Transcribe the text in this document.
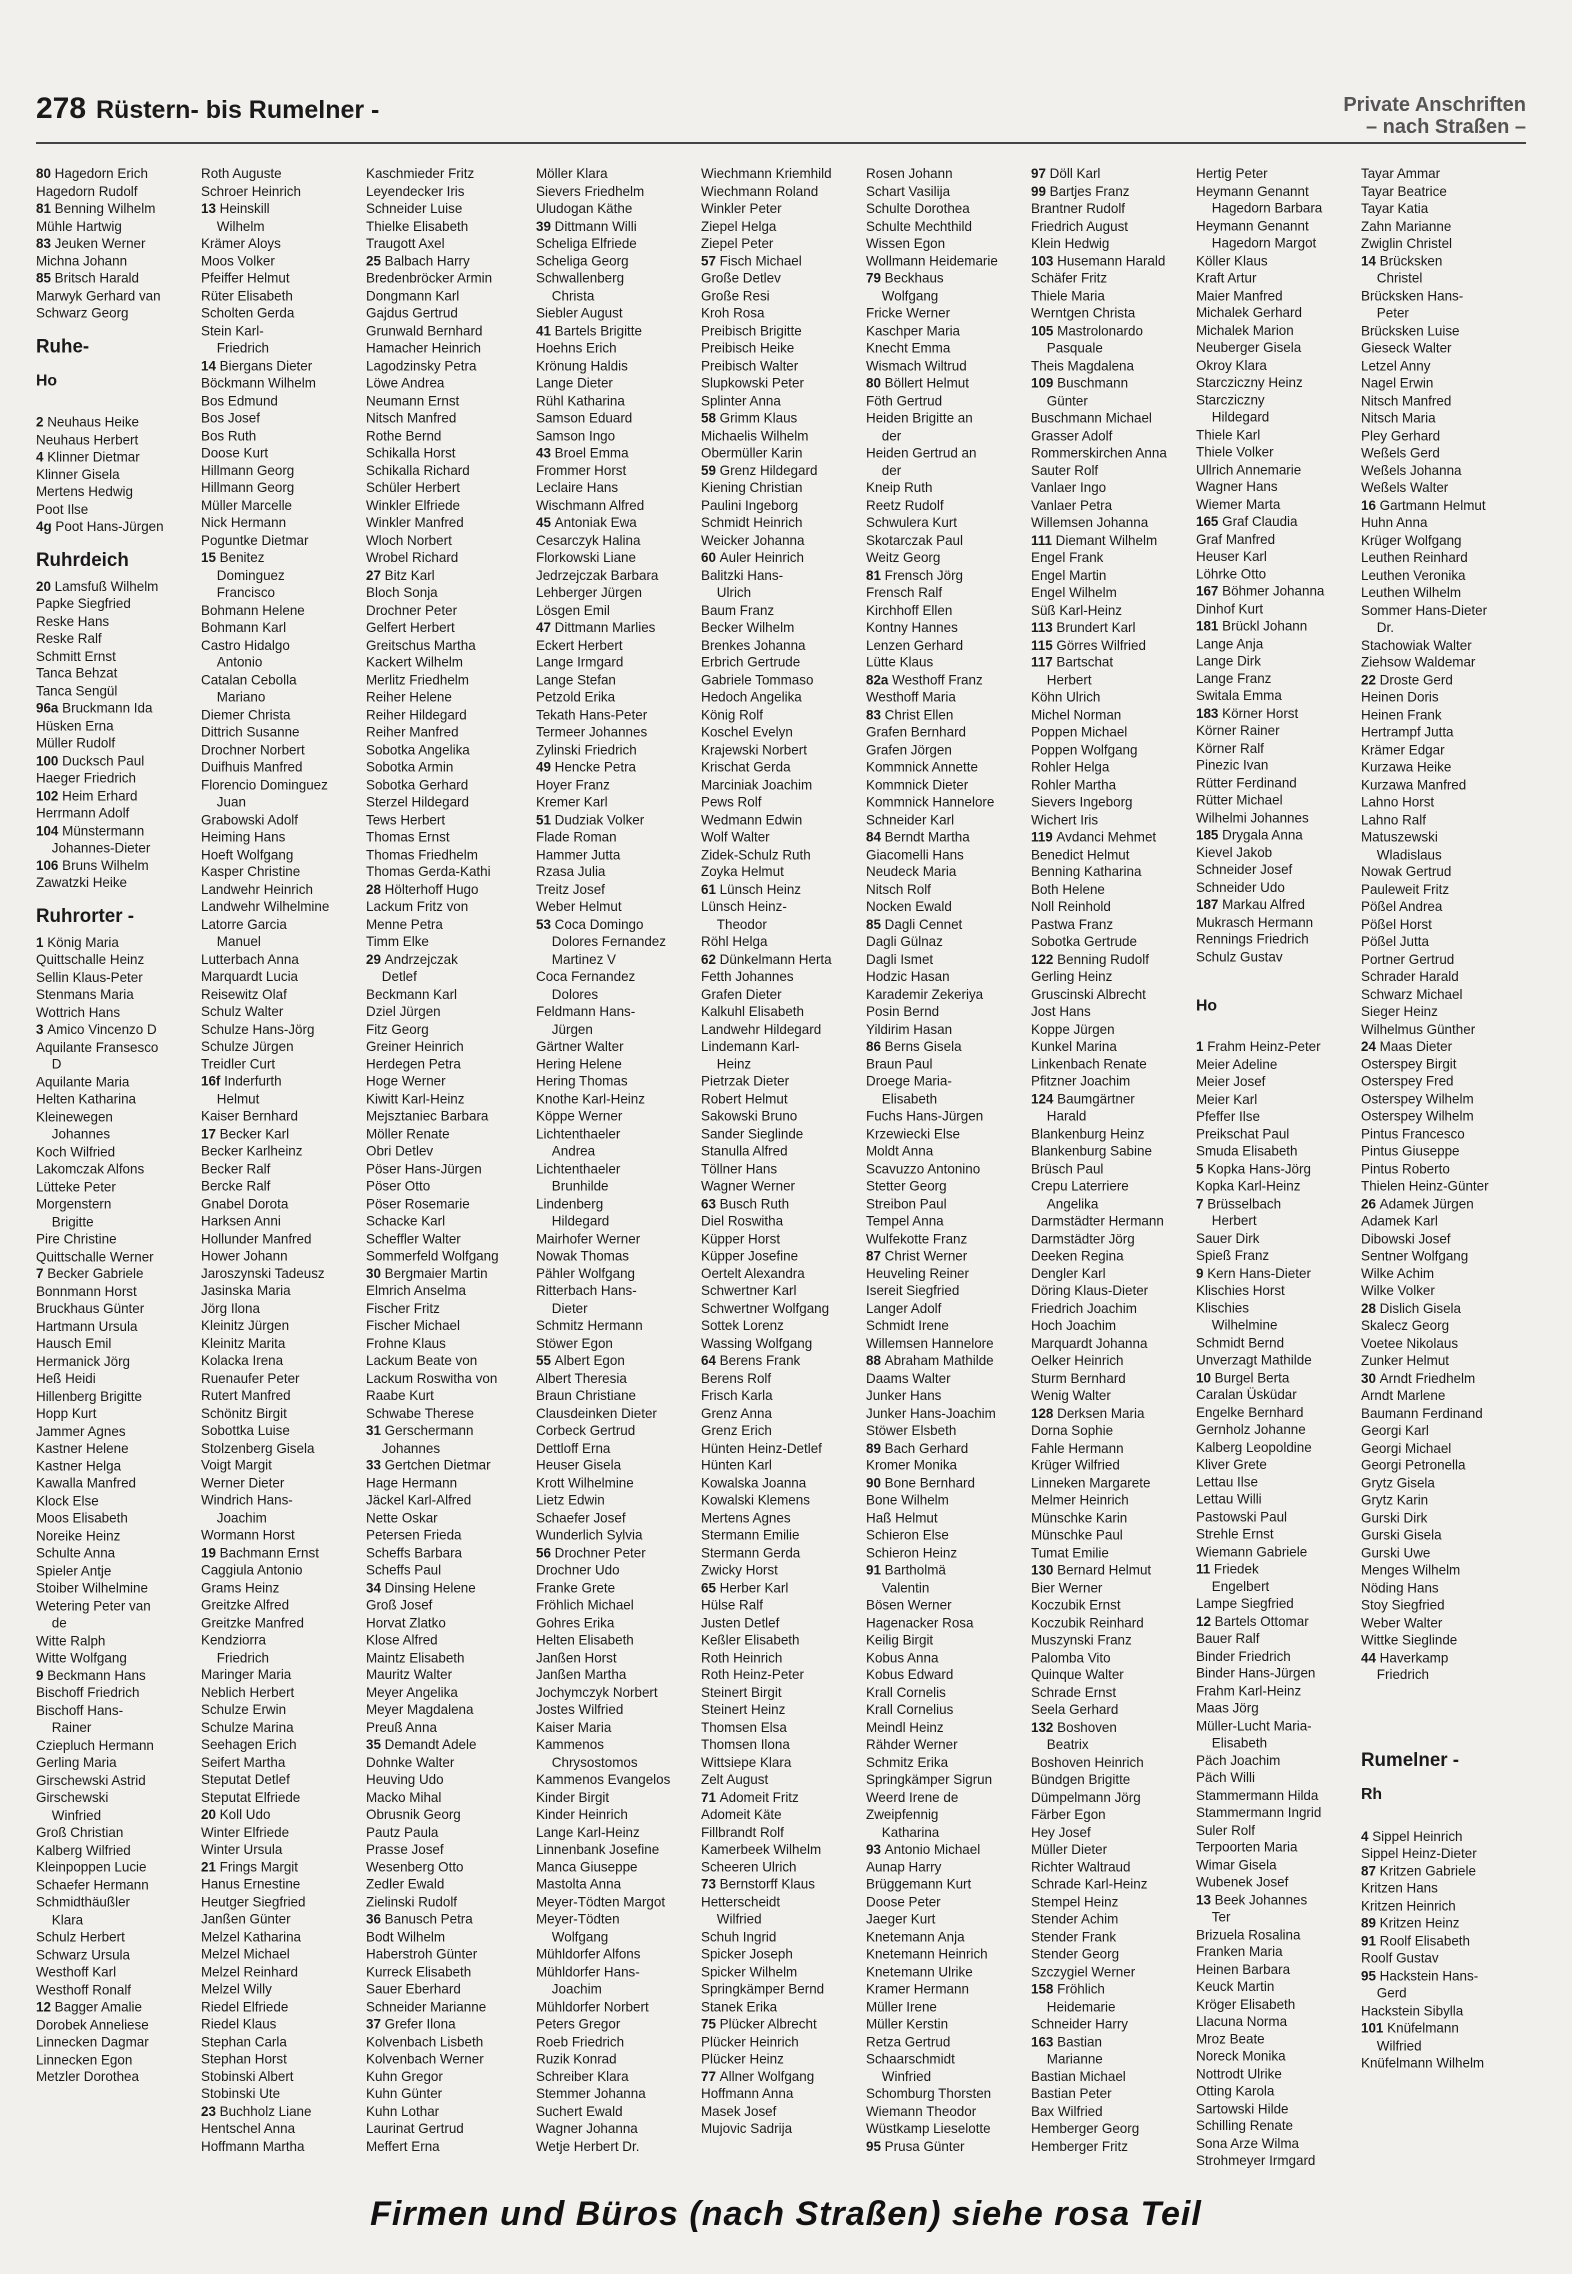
278 Rüstern- bis Rumelner -	Private Anschriften
– nach Straßen –
80 Hagedorn Erich
Hagedorn Rudolf
81 Benning Wilhelm
Mühle Hartwig
83 Jeuken Werner
Michna Johann
85 Britsch Harald
Marwyk Gerhard van
Schwarz Georg
Ruhe-
Ho
2 Neuhaus Heike
Neuhaus Herbert
4 Klinner Dietmar
Klinner Gisela
Mertens Hedwig
Poot Ilse
4g Poot Hans-Jürgen
Ruhrdeich
20 Lamsfuß Wilhelm
Papke Siegfried
Reske Hans
Reske Ralf
Schmitt Ernst
Tanca Behzat
Tanca Sengül
96a Bruckmann Ida
Hüsken Erna
Müller Rudolf
100 Ducksch Paul
Haeger Friedrich
102 Heim Erhard
Herrmann Adolf
104 Münstermann
Johannes-Dieter
106 Bruns Wilhelm
Zawatzki Heike
Ruhrorter -
1 König Maria
Quittschalle Heinz
Sellin Klaus-Peter
Stenmans Maria
Wottrich Hans
3 Amico Vincenzo D
Aquilante Fransesco
D
Aquilante Maria
Helten Katharina
Kleinewegen
Johannes
Koch Wilfried
Lakomczak Alfons
Lütteke Peter
Morgenstern
Brigitte
Pire Christine
Quittschalle Werner
7 Becker Gabriele
Bonnmann Horst
Bruckhaus Günter
Hartmann Ursula
Hausch Emil
Hermanick Jörg
Heß Heidi
Hillenberg Brigitte
Hopp Kurt
Jammer Agnes
Kastner Helene
Kastner Helga
Kawalla Manfred
Klock Else
Moos Elisabeth
Noreike Heinz
Schulte Anna
Spieler Antje
Stoiber Wilhelmine
Wetering Peter van
de
Witte Ralph
Witte Wolfgang
9 Beckmann Hans
Bischoff Friedrich
Bischoff Hans-
Rainer
Cziepluch Hermann
Gerling Maria
Girschewski Astrid
Girschewski
Winfried
Groß Christian
Kalberg Wilfried
Kleinpoppen Lucie
Schaefer Hermann
Schmidthäußler
Klara
Schulz Herbert
Schwarz Ursula
Westhoff Karl
Westhoff Ronalf
12 Bagger Amalie
Dorobek Anneliese
Linnecken Dagmar
Linnecken Egon
Metzler Dorothea
Roth Auguste
Schroer Heinrich
13 Heinskill
Wilhelm
Krämer Aloys
Moos Volker
Pfeiffer Helmut
Rüter Elisabeth
Scholten Gerda
Stein Karl-
Friedrich
14 Biergans Dieter
Böckmann Wilhelm
Bos Edmund
Bos Josef
Bos Ruth
Doose Kurt
Hillmann Georg
Hillmann Georg
Müller Marcelle
Nick Hermann
Poguntke Dietmar
15 Benitez
Dominguez
Francisco
Bohmann Helene
Bohmann Karl
Castro Hidalgo
Antonio
Catalan Cebolla
Mariano
Diemer Christa
Dittrich Susanne
Drochner Norbert
Duifhuis Manfred
Florencio Dominguez
Juan
Grabowski Adolf
Heiming Hans
Hoeft Wolfgang
Kasper Christine
Landwehr Heinrich
Landwehr Wilhelmine
Latorre Garcia
Manuel
Lutterbach Anna
Marquardt Lucia
Reisewitz Olaf
Schulz Walter
Schulze Hans-Jörg
Schulze Jürgen
Treidler Curt
16f Inderfurth
Helmut
Kaiser Bernhard
17 Becker Karl
Becker Karlheinz
Becker Ralf
Bercke Ralf
Gnabel Dorota
Harksen Anni
Hollunder Manfred
Hower Johann
Jaroszynski Tadeusz
Jasinska Maria
Jörg Ilona
Kleinitz Jürgen
Kleinitz Marita
Kolacka Irena
Ruenaufer Peter
Rutert Manfred
Schönitz Birgit
Sobottka Luise
Stolzenberg Gisela
Voigt Margit
Werner Dieter
Windrich Hans-
Joachim
Wormann Horst
19 Bachmann Ernst
Caggiula Antonio
Grams Heinz
Greitzke Alfred
Greitzke Manfred
Kendziorra
Friedrich
Maringer Maria
Neblich Herbert
Schulze Erwin
Schulze Marina
Seehagen Erich
Seifert Martha
Steputat Detlef
Steputat Elfriede
20 Koll Udo
Winter Elfriede
Winter Ursula
21 Frings Margit
Hanus Ernestine
Heutger Siegfried
Janßen Günter
Melzel Katharina
Melzel Michael
Melzel Reinhard
Melzel Willy
Riedel Elfriede
Riedel Klaus
Stephan Carla
Stephan Horst
Stobinski Albert
Stobinski Ute
23 Buchholz Liane
Hentschel Anna
Hoffmann Martha
Kaschmieder Fritz
Leyendecker Iris
Schneider Luise
Thielke Elisabeth
Traugott Axel
25 Balbach Harry
Bredenbröcker Armin
Dongmann Karl
Gajdus Gertrud
Grunwald Bernhard
Hamacher Heinrich
Lagodzinsky Petra
Löwe Andrea
Neumann Ernst
Nitsch Manfred
Rothe Bernd
Schikalla Horst
Schikalla Richard
Schüler Herbert
Winkler Elfriede
Winkler Manfred
Wloch Norbert
Wrobel Richard
27 Bitz Karl
Bloch Sonja
Drochner Peter
Gelfert Herbert
Greitschus Martha
Kackert Wilhelm
Merlitz Friedhelm
Reiher Helene
Reiher Hildegard
Reiher Manfred
Sobotka Angelika
Sobotka Armin
Sobotka Gerhard
Sterzel Hildegard
Tews Herbert
Thomas Ernst
Thomas Friedhelm
Thomas Gerda-Kathi
28 Hölterhoff Hugo
Lackum Fritz von
Menne Petra
Timm Elke
29 Andrzejczak
Detlef
Beckmann Karl
Dziel Jürgen
Fitz Georg
Greiner Heinrich
Herdegen Petra
Hoge Werner
Kiwitt Karl-Heinz
Mejsztaniec Barbara
Möller Renate
Obri Detlev
Pöser Hans-Jürgen
Pöser Otto
Pöser Rosemarie
Schacke Karl
Scheffler Walter
Sommerfeld Wolfgang
30 Bergmaier Martin
Elmrich Anselma
Fischer Fritz
Fischer Michael
Frohne Klaus
Lackum Beate von
Lackum Roswitha von
Raabe Kurt
Schwabe Therese
31 Gerschermann
Johannes
33 Gertchen Dietmar
Hage Hermann
Jäckel Karl-Alfred
Nette Oskar
Petersen Frieda
Scheffs Barbara
Scheffs Paul
34 Dinsing Helene
Groß Josef
Horvat Zlatko
Klose Alfred
Maintz Elisabeth
Mauritz Walter
Meyer Angelika
Meyer Magdalena
Preuß Anna
35 Demandt Adele
Dohnke Walter
Heuving Udo
Macko Mihal
Obrusnik Georg
Pautz Paula
Prasse Josef
Wesenberg Otto
Zedler Ewald
Zielinski Rudolf
36 Banusch Petra
Bodt Wilhelm
Haberstroh Günter
Kurreck Elisabeth
Sauer Eberhard
Schneider Marianne
37 Grefer Ilona
Kolvenbach Lisbeth
Kolvenbach Werner
Kuhn Gregor
Kuhn Günter
Kuhn Lothar
Laurinat Gertrud
Meffert Erna
Möller Klara
Sievers Friedhelm
Uludogan Käthe
39 Dittmann Willi
Scheliga Elfriede
Scheliga Georg
Schwallenberg
Christa
Siebler August
41 Bartels Brigitte
Hoehns Erich
Krönung Haldis
Lange Dieter
Rühl Katharina
Samson Eduard
Samson Ingo
43 Broel Emma
Frommer Horst
Leclaire Hans
Wischmann Alfred
45 Antoniak Ewa
Cesarczyk Halina
Florkowski Liane
Jedrzejczak Barbara
Lehberger Jürgen
Lösgen Emil
47 Dittmann Marlies
Eckert Herbert
Lange Irmgard
Lange Stefan
Petzold Erika
Tekath Hans-Peter
Termeer Johannes
Zylinski Friedrich
49 Hencke Petra
Hoyer Franz
Kremer Karl
51 Dudziak Volker
Flade Roman
Hammer Jutta
Rzasa Julia
Treitz Josef
Weber Helmut
53 Coca Domingo
Dolores Fernandez
Martinez V
Coca Fernandez
Dolores
Feldmann Hans-
Jürgen
Gärtner Walter
Hering Helene
Hering Thomas
Knothe Karl-Heinz
Köppe Werner
Lichtenthaeler
Andrea
Lichtenthaeler
Brunhilde
Lindenberg
Hildegard
Mairhofer Werner
Nowak Thomas
Pähler Wolfgang
Ritterbach Hans-
Dieter
Schmitz Hermann
Stöwer Egon
55 Albert Egon
Albert Theresia
Braun Christiane
Clausdeinken Dieter
Corbeck Gertrud
Dettloff Erna
Heuser Gisela
Krott Wilhelmine
Lietz Edwin
Schaefer Josef
Wunderlich Sylvia
56 Drochner Peter
Drochner Udo
Franke Grete
Fröhlich Michael
Gohres Erika
Helten Elisabeth
Janßen Horst
Janßen Martha
Jochymczyk Norbert
Jostes Wilfried
Kaiser Maria
Kammenos
Chrysostomos
Kammenos Evangelos
Kinder Birgit
Kinder Heinrich
Lange Karl-Heinz
Linnenbank Josefine
Manca Giuseppe
Mastolta Anna
Meyer-Tödten Margot
Meyer-Tödten
Wolfgang
Mühldorfer Alfons
Mühldorfer Hans-
Joachim
Mühldorfer Norbert
Peters Gregor
Roeb Friedrich
Ruzik Konrad
Schreiber Klara
Stemmer Johanna
Suchert Ewald
Wagner Johanna
Wetje Herbert Dr.
Wiechmann Kriemhild
Wiechmann Roland
Winkler Peter
Ziepel Helga
Ziepel Peter
57 Fisch Michael
Große Detlev
Große Resi
Kroh Rosa
Preibisch Brigitte
Preibisch Heike
Preibisch Walter
Slupkowski Peter
Splinter Anna
58 Grimm Klaus
Michaelis Wilhelm
Obermüller Karin
59 Grenz Hildegard
Kiening Christian
Paulini Ingeborg
Schmidt Heinrich
Weicker Johanna
60 Auler Heinrich
Balitzki Hans-
Ulrich
Baum Franz
Becker Wilhelm
Brenkes Johanna
Erbrich Gertrude
Gabriele Tommaso
Hedoch Angelika
König Rolf
Koschel Evelyn
Krajewski Norbert
Krischat Gerda
Marciniak Joachim
Pews Rolf
Wedmann Edwin
Wolf Walter
Zidek-Schulz Ruth
Zoyka Helmut
61 Lünsch Heinz
Lünsch Heinz-
Theodor
Röhl Helga
62 Dünkelmann Herta
Fetth Johannes
Grafen Dieter
Kalkuhl Elisabeth
Landwehr Hildegard
Lindemann Karl-
Heinz
Pietrzak Dieter
Robert Helmut
Sakowski Bruno
Sander Sieglinde
Stanulla Alfred
Töllner Hans
Wagner Werner
63 Busch Ruth
Diel Roswitha
Küpper Horst
Küpper Josefine
Oertelt Alexandra
Schwertner Karl
Schwertner Wolfgang
Sottek Lorenz
Wassing Wolfgang
64 Berens Frank
Berens Rolf
Frisch Karla
Grenz Anna
Grenz Erich
Hünten Heinz-Detlef
Hünten Karl
Kowalska Joanna
Kowalski Klemens
Mertens Agnes
Stermann Emilie
Stermann Gerda
Zwicky Horst
65 Herber Karl
Hülse Ralf
Justen Detlef
Keßler Elisabeth
Roth Heinrich
Roth Heinz-Peter
Steinert Birgit
Steinert Heinz
Thomsen Elsa
Thomsen Ilona
Wittsiepe Klara
Zelt August
71 Adomeit Fritz
Adomeit Käte
Fillbrandt Rolf
Kamerbeek Wilhelm
Scheeren Ulrich
73 Bernstorff Klaus
Hetterscheidt
Wilfried
Schuh Ingrid
Spicker Joseph
Spicker Wilhelm
Springkämper Bernd
Stanek Erika
75 Plücker Albrecht
Plücker Heinrich
Plücker Heinz
77 Allner Wolfgang
Hoffmann Anna
Masek Josef
Mujovic Sadrija
Rosen Johann
Schart Vasilija
Schulte Dorothea
Schulte Mechthild
Wissen Egon
Wollmann Heidemarie
79 Beckhaus
Wolfgang
Fricke Werner
Kaschper Maria
Knecht Emma
Wismach Wiltrud
80 Böllert Helmut
Föth Gertrud
Heiden Brigitte an
der
Heiden Gertrud an
der
Kneip Ruth
Reetz Rudolf
Schwulera Kurt
Skotarczak Paul
Weitz Georg
81 Frensch Jörg
Frensch Ralf
Kirchhoff Ellen
Kontny Hannes
Lenzen Gerhard
Lütte Klaus
82a Westhoff Franz
Westhoff Maria
83 Christ Ellen
Grafen Bernhard
Grafen Jörgen
Kommnick Annette
Kommnick Dieter
Kommnick Hannelore
Schneider Karl
84 Berndt Martha
Giacomelli Hans
Neudeck Maria
Nitsch Rolf
Nocken Ewald
85 Dagli Cennet
Dagli Gülnaz
Dagli Ismet
Hodzic Hasan
Karademir Zekeriya
Posin Bernd
Yildirim Hasan
86 Berns Gisela
Braun Paul
Droege Maria-
Elisabeth
Fuchs Hans-Jürgen
Krzewiecki Else
Moldt Anna
Scavuzzo Antonino
Stetter Georg
Streibon Paul
Tempel Anna
Wulfekotte Franz
87 Christ Werner
Heuveling Reiner
Isereit Siegfried
Langer Adolf
Schmidt Irene
Willemsen Hannelore
88 Abraham Mathilde
Daams Walter
Junker Hans
Junker Hans-Joachim
Stöwer Elsbeth
89 Bach Gerhard
Kromer Monika
90 Bone Bernhard
Bone Wilhelm
Haß Helmut
Schieron Else
Schieron Heinz
91 Bartholmä
Valentin
Bösen Werner
Hagenacker Rosa
Keilig Birgit
Kobus Anna
Kobus Edward
Krall Cornelis
Krall Cornelius
Meindl Heinz
Rähder Werner
Schmitz Erika
Springkämper Sigrun
Weerd Irene de
Zweipfennig
Katharina
93 Antonio Michael
Aunap Harry
Brüggemann Kurt
Doose Peter
Jaeger Kurt
Knetemann Anja
Knetemann Heinrich
Knetemann Ulrike
Kramer Hermann
Müller Irene
Müller Kerstin
Retza Gertrud
Schaarschmidt
Winfried
Schomburg Thorsten
Wiemann Theodor
Wüstkamp Lieselotte
95 Prusa Günter
97 Döll Karl
99 Bartjes Franz
Brantner Rudolf
Friedrich August
Klein Hedwig
103 Husemann Harald
Schäfer Fritz
Thiele Maria
Werntgen Christa
105 Mastrolonardo
Pasquale
Theis Magdalena
109 Buschmann
Günter
Buschmann Michael
Grasser Adolf
Rommerskirchen Anna
Sauter Rolf
Vanlaer Ingo
Vanlaer Petra
Willemsen Johanna
111 Diemant Wilhelm
Engel Frank
Engel Martin
Engel Wilhelm
Süß Karl-Heinz
113 Brundert Karl
115 Görres Wilfried
117 Bartschat
Herbert
Köhn Ulrich
Michel Norman
Poppen Michael
Poppen Wolfgang
Rohler Helga
Rohler Martha
Sievers Ingeborg
Wichert Iris
119 Avdanci Mehmet
Benedict Helmut
Benning Katharina
Both Helene
Noll Reinhold
Pastwa Franz
Sobotka Gertrude
122 Benning Rudolf
Gerling Heinz
Gruscinski Albrecht
Jost Hans
Koppe Jürgen
Kunkel Marina
Linkenbach Renate
Pfitzner Joachim
124 Baumgärtner
Harald
Blankenburg Heinz
Blankenburg Sabine
Brüsch Paul
Crepu Laterriere
Angelika
Darmstädter Hermann
Darmstädter Jörg
Deeken Regina
Dengler Karl
Döring Klaus-Dieter
Friedrich Joachim
Hoch Joachim
Marquardt Johanna
Oelker Heinrich
Sturm Bernhard
Wenig Walter
128 Derksen Maria
Dorna Sophie
Fahle Hermann
Krüger Wilfried
Linneken Margarete
Melmer Heinrich
Münschke Karin
Münschke Paul
Tumat Emilie
130 Bernard Helmut
Bier Werner
Koczubik Ernst
Koczubik Reinhard
Muszynski Franz
Palomba Vito
Quinque Walter
Schrade Ernst
Seela Gerhard
132 Boshoven
Beatrix
Boshoven Heinrich
Bündgen Brigitte
Dümpelmann Jörg
Färber Egon
Hey Josef
Müller Dieter
Richter Waltraud
Schrade Karl-Heinz
Stempel Heinz
Stender Achim
Stender Frank
Stender Georg
Szczygiel Werner
158 Fröhlich
Heidemarie
Schneider Harry
163 Bastian
Marianne
Bastian Michael
Bastian Peter
Bax Wilfried
Hemberger Georg
Hemberger Fritz
Hertig Peter
Heymann Genannt
Hagedorn Barbara
Heymann Genannt
Hagedorn Margot
Köller Klaus
Kraft Artur
Maier Manfred
Michalek Gerhard
Michalek Marion
Neuberger Gisela
Okroy Klara
Starcziczny Heinz
Starcziczny
Hildegard
Thiele Karl
Thiele Volker
Ullrich Annemarie
Wagner Hans
Wiemer Marta
165 Graf Claudia
Graf Manfred
Heuser Karl
Löhrke Otto
167 Böhmer Johanna
Dinhof Kurt
181 Brückl Johann
Lange Anja
Lange Dirk
Lange Franz
Switala Emma
183 Körner Horst
Körner Rainer
Körner Ralf
Pinezic Ivan
Rütter Ferdinand
Rütter Michael
Wilhelmi Johannes
185 Drygala Anna
Kievel Jakob
Schneider Josef
Schneider Udo
187 Markau Alfred
Mukrasch Hermann
Rennings Friedrich
Schulz Gustav
Ho
1 Frahm Heinz-Peter
Meier Adeline
Meier Josef
Meier Karl
Pfeffer Ilse
Preikschat Paul
Smuda Elisabeth
5 Kopka Hans-Jörg
Kopka Karl-Heinz
7 Brüsselbach
Herbert
Sauer Dirk
Spieß Franz
9 Kern Hans-Dieter
Klischies Horst
Klischies
Wilhelmine
Schmidt Bernd
Unverzagt Mathilde
10 Burgel Berta
Caralan Üsküdar
Engelke Bernhard
Gernholz Johanne
Kalberg Leopoldine
Kliver Grete
Lettau Ilse
Lettau Willi
Pastowski Paul
Strehle Ernst
Wiemann Gabriele
11 Friedek
Engelbert
Lampe Siegfried
12 Bartels Ottomar
Bauer Ralf
Binder Friedrich
Binder Hans-Jürgen
Frahm Karl-Heinz
Maas Jörg
Müller-Lucht Maria-
Elisabeth
Päch Joachim
Päch Willi
Stammermann Hilda
Stammermann Ingrid
Suler Rolf
Terpoorten Maria
Wimar Gisela
Wubenek Josef
13 Beek Johannes
Ter
Brizuela Rosalina
Franken Maria
Heinen Barbara
Keuck Martin
Kröger Elisabeth
Llacuna Norma
Mroz Beate
Noreck Monika
Nottrodt Ulrike
Otting Karola
Sartowski Hilde
Schilling Renate
Sona Arze Wilma
Strohmeyer Irmgard
Tayar Ammar
Tayar Beatrice
Tayar Katia
Zahn Marianne
Zwiglin Christel
14 Brücksken
Christel
Brücksken Hans-
Peter
Brücksken Luise
Gieseck Walter
Letzel Anny
Nagel Erwin
Nitsch Manfred
Nitsch Maria
Pley Gerhard
Weßels Gerd
Weßels Johanna
Weßels Walter
16 Gartmann Helmut
Huhn Anna
Krüger Wolfgang
Leuthen Reinhard
Leuthen Veronika
Leuthen Wilhelm
Sommer Hans-Dieter
Dr.
Stachowiak Walter
Ziehsow Waldemar
22 Droste Gerd
Heinen Doris
Heinen Frank
Hertrampf Jutta
Krämer Edgar
Kurzawa Heike
Kurzawa Manfred
Lahno Horst
Lahno Ralf
Matuszewski
Wladislaus
Nowak Gertrud
Pauleweit Fritz
Pößel Andrea
Pößel Horst
Pößel Jutta
Portner Gertrud
Schrader Harald
Schwarz Michael
Sieger Heinz
Wilhelmus Günther
24 Maas Dieter
Osterspey Birgit
Osterspey Fred
Osterspey Wilhelm
Osterspey Wilhelm
Pintus Francesco
Pintus Giuseppe
Pintus Roberto
Thielen Heinz-Günter
26 Adamek Jürgen
Adamek Karl
Dibowski Josef
Sentner Wolfgang
Wilke Achim
Wilke Volker
28 Dislich Gisela
Skalecz Georg
Voetee Nikolaus
Zunker Helmut
30 Arndt Friedhelm
Arndt Marlene
Baumann Ferdinand
Georgi Karl
Georgi Michael
Georgi Petronella
Grytz Gisela
Grytz Karin
Gurski Dirk
Gurski Gisela
Gurski Uwe
Menges Wilhelm
Nöding Hans
Stoy Siegfried
Weber Walter
Wittke Sieglinde
44 Haverkamp
Friedrich
Rumelner -
Rh
4 Sippel Heinrich
Sippel Heinz-Dieter
87 Kritzen Gabriele
Kritzen Hans
Kritzen Heinrich
89 Kritzen Heinz
91 Roolf Elisabeth
Roolf Gustav
95 Hackstein Hans-
Gerd
Hackstein Sibylla
101 Knüfelmann
Wilfried
Knüfelmann Wilhelm
Firmen und Büros (nach Straßen) siehe rosa Teil
